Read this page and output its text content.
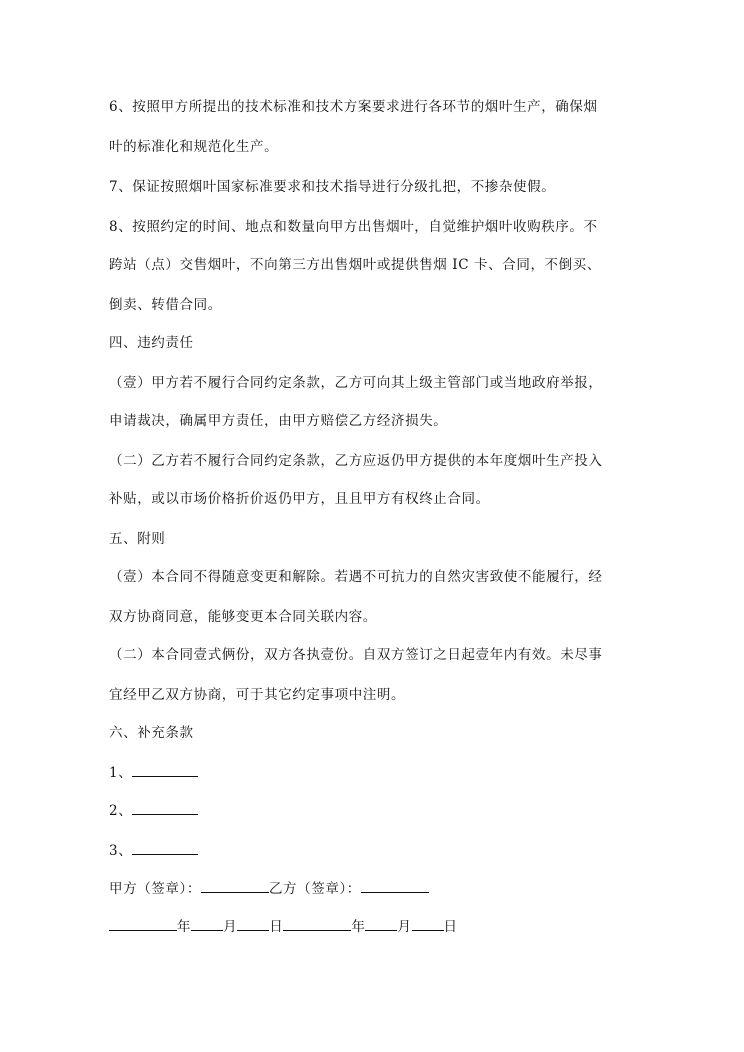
6、按照甲方所提出的技术标准和技术方案要求进行各环节的烟叶生产，确保烟
叶的标准化和规范化生产。
7、保证按照烟叶国家标准要求和技术指导进行分级扎把，不掺杂使假。
8、按照约定的时间、地点和数量向甲方出售烟叶，自觉维护烟叶收购秩序。不
跨站（点）交售烟叶，不向第三方出售烟叶或提供售烟 IC 卡、合同，不倒买、
倒卖、转借合同。
四、违约责任
（壹）甲方若不履行合同约定条款，乙方可向其上级主管部门或当地政府举报，
申请裁决，确属甲方责任，由甲方赔偿乙方经济损失。
（二）乙方若不履行合同约定条款，乙方应返仍甲方提供的本年度烟叶生产投入
补贴，或以市场价格折价返仍甲方，且且甲方有权终止合同。
五、附则
（壹）本合同不得随意变更和解除。若遇不可抗力的自然灾害致使不能履行，经
双方协商同意，能够变更本合同关联内容。
（二）本合同壹式俩份，双方各执壹份。自双方签订之日起壹年内有效。未尽事
宜经甲乙双方协商，可于其它约定事项中注明。
六、补充条款
1、
2、
3、
甲方（签章）：	乙方（签章）：
年 月 日	年 月 日
